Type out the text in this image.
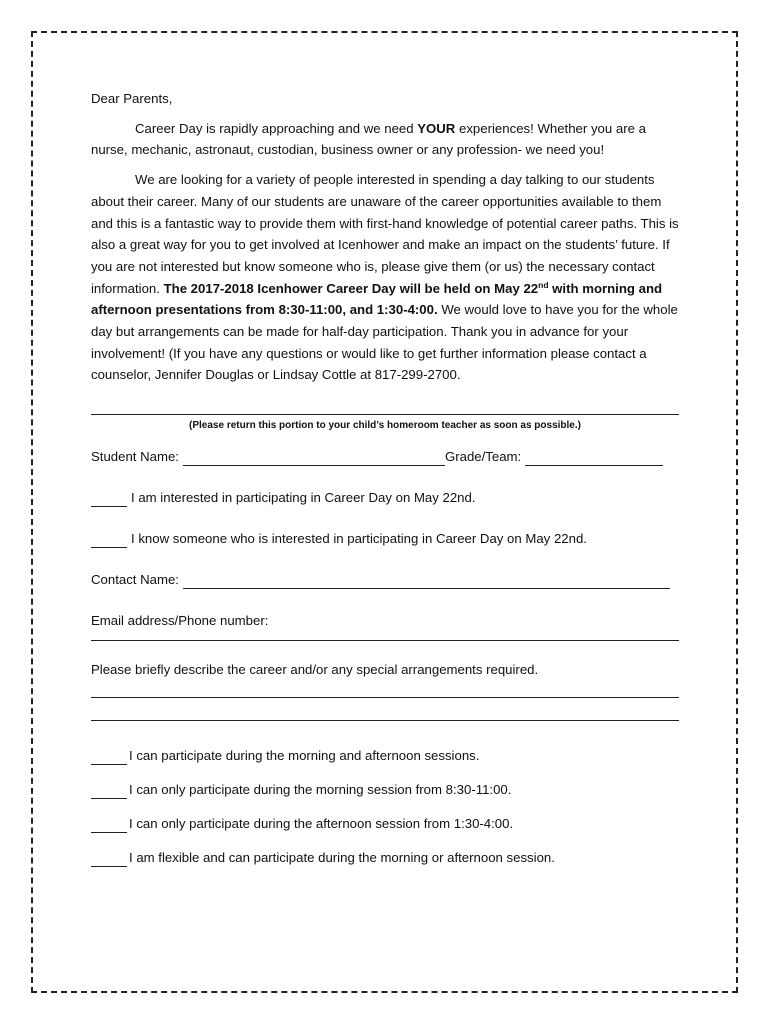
Dear Parents,

Career Day is rapidly approaching and we need YOUR experiences! Whether you are a nurse, mechanic, astronaut, custodian, business owner or any profession- we need you!

We are looking for a variety of people interested in spending a day talking to our students about their career. Many of our students are unaware of the career opportunities available to them and this is a fantastic way to provide them with first-hand knowledge of potential career paths. This is also a great way for you to get involved at Icenhower and make an impact on the students’ future. If you are not interested but know someone who is, please give them (or us) the necessary contact information. The 2017-2018 Icenhower Career Day will be held on May 22nd with morning and afternoon presentations from 8:30-11:00, and 1:30-4:00. We would love to have you for the whole day but arrangements can be made for half-day participation. Thank you in advance for your involvement! (If you have any questions or would like to get further information please contact a counselor, Jennifer Douglas or Lindsay Cottle at 817-299-2700.

(Please return this portion to your child’s homeroom teacher as soon as possible.)
Student Name:	Grade/Team:
I am interested in participating in Career Day on May 22nd.
I know someone who is interested in participating in Career Day on May 22nd.
Contact Name:
Email address/Phone number:
Please briefly describe the career and/or any special arrangements required.
I can participate during the morning and afternoon sessions.
I can only participate during the morning session from 8:30-11:00.
I can only participate during the afternoon session from 1:30-4:00.
I am flexible and can participate during the morning or afternoon session.
